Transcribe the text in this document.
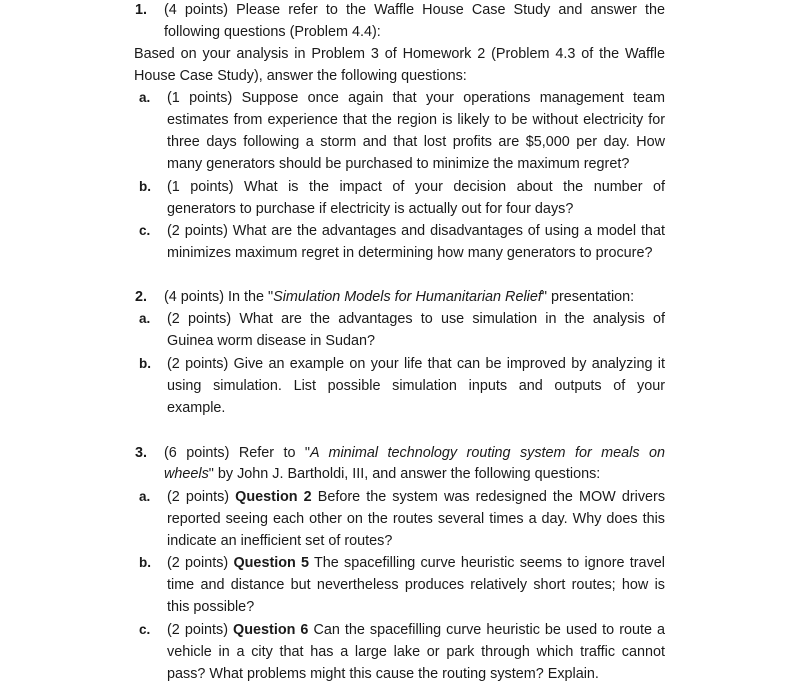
1. (4 points) Please refer to the Waffle House Case Study and answer the
following questions (Problem 4.4):
Based on your analysis in Problem 3 of Homework 2 (Problem 4.3 of the Waffle
House Case Study), answer the following questions:
a. (1 points) Suppose once again that your operations management team
estimates from experience that the region is likely to be without electricity for
three days following a storm and that lost profits are $5,000 per day. How
many generators should be purchased to minimize the maximum regret?
b. (1 points) What is the impact of your decision about the number of
generators to purchase if electricity is actually out for four days?
c. (2 points) What are the advantages and disadvantages of using a model that
minimizes maximum regret in determining how many generators to procure?
2. (4 points) In the "Simulation Models for Humanitarian Relief" presentation:
a. (2 points) What are the advantages to use simulation in the analysis of
Guinea worm disease in Sudan?
b. (2 points) Give an example on your life that can be improved by analyzing it
using simulation. List possible simulation inputs and outputs of your
example.
3. (6 points) Refer to "A minimal technology routing system for meals on
wheels" by John J. Bartholdi, III, and answer the following questions:
a. (2 points) Question 2 Before the system was redesigned the MOW drivers
reported seeing each other on the routes several times a day. Why does this
indicate an inefficient set of routes?
b. (2 points) Question 5 The spacefilling curve heuristic seems to ignore travel
time and distance but nevertheless produces relatively short routes; how is
this possible?
c. (2 points) Question 6 Can the spacefilling curve heuristic be used to route a
vehicle in a city that has a large lake or park through which traffic cannot
pass? What problems might this cause the routing system? Explain.
